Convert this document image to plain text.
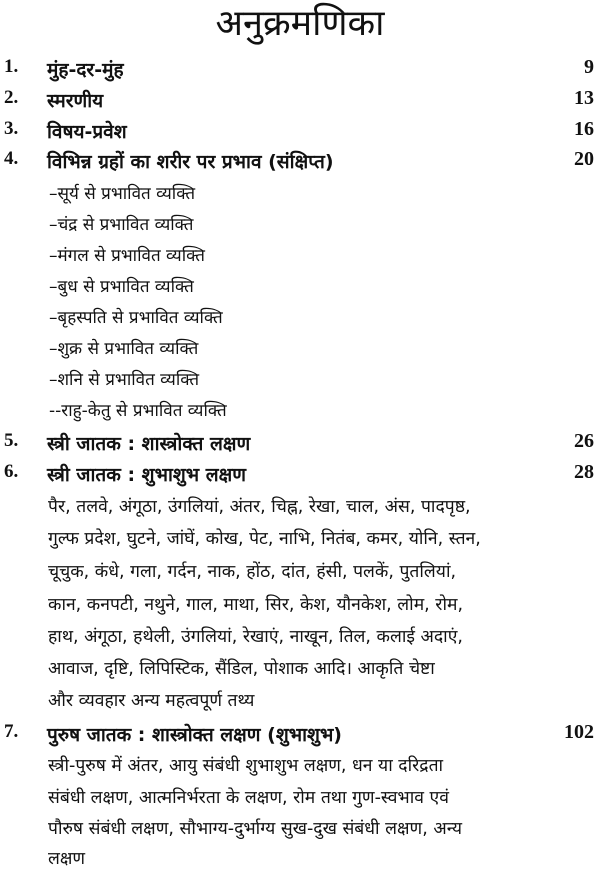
अनुक्रमणिका
1. मुंह-दर-मुंह	9
2. स्मरणीय	13
3. विषय-प्रवेश	16
4. विभिन्न ग्रहों का शरीर पर प्रभाव (संक्षिप्त)	20
–सूर्य से प्रभावित व्यक्ति
–चंद्र से प्रभावित व्यक्ति
–मंगल से प्रभावित व्यक्ति
–बुध से प्रभावित व्यक्ति
–बृहस्पति से प्रभावित व्यक्ति
–शुक्र से प्रभावित व्यक्ति
–शनि से प्रभावित व्यक्ति
--राहु-केतु से प्रभावित व्यक्ति
5. स्त्री जातक : शास्त्रोक्त लक्षण	26
6. स्त्री जातक : शुभाशुभ लक्षण	28
पैर, तलवे, अंगूठा, उंगलियां, अंतर, चिह्न, रेखा, चाल, अंस, पादपृष्ठ,
गुल्फ प्रदेश, घुटने, जांघें, कोख, पेट, नाभि, नितंब, कमर, योनि, स्तन,
चूचुक, कंधे, गला, गर्दन, नाक, होंठ, दांत, हंसी, पलकें, पुतलियां,
कान, कनपटी, नथुने, गाल, माथा, सिर, केश, यौनकेश, लोम, रोम,
हाथ, अंगूठा, हथेली, उंगलियां, रेखाएं, नाखून, तिल, कलाई अदाएं,
आवाज, दृष्टि, लिपिस्टिक, सैंडिल, पोशाक आदि। आकृति चेष्टा
और व्यवहार अन्य महत्वपूर्ण तथ्य
7. पुरुष जातक : शास्त्रोक्त लक्षण (शुभाशुभ)	102
स्त्री-पुरुष में अंतर, आयु संबंधी शुभाशुभ लक्षण, धन या दरिद्रता
संबंधी लक्षण, आत्मनिर्भरता के लक्षण, रोम तथा गुण-स्वभाव एवं
पौरुष संबंधी लक्षण, सौभाग्य-दुर्भाग्य सुख-दुख संबंधी लक्षण, अन्य
लक्षण
